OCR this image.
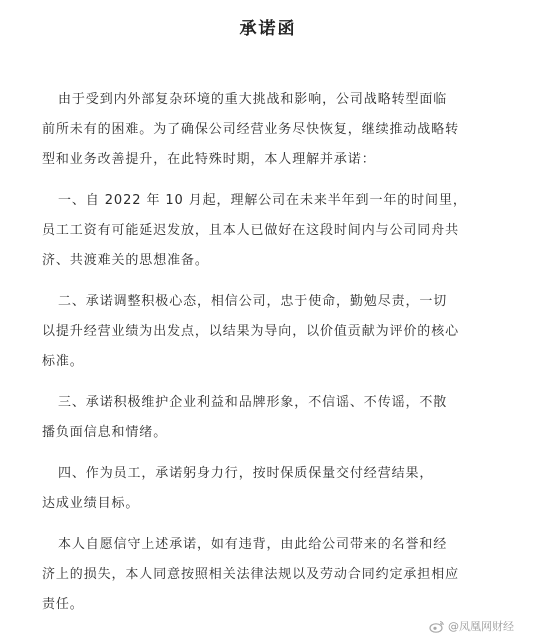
承诺函
由于受到内外部复杂环境的重大挑战和影响，公司战略转型面临
前所未有的困难。为了确保公司经营业务尽快恢复，继续推动战略转
型和业务改善提升，在此特殊时期，本人理解并承诺：
一、自 2022 年 10 月起，理解公司在未来半年到一年的时间里，
员工工资有可能延迟发放，且本人已做好在这段时间内与公司同舟共
济、共渡难关的思想准备。
二、承诺调整积极心态，相信公司，忠于使命，勤勉尽责，一切
以提升经营业绩为出发点，以结果为导向，以价值贡献为评价的核心
标准。
三、承诺积极维护企业利益和品牌形象，不信谣、不传谣，不散
播负面信息和情绪。
四、作为员工，承诺躬身力行，按时保质保量交付经营结果，
达成业绩目标。
本人自愿信守上述承诺，如有违背，由此给公司带来的名誉和经
济上的损失，本人同意按照相关法律法规以及劳动合同约定承担相应
责任。
@凤凰网财经
